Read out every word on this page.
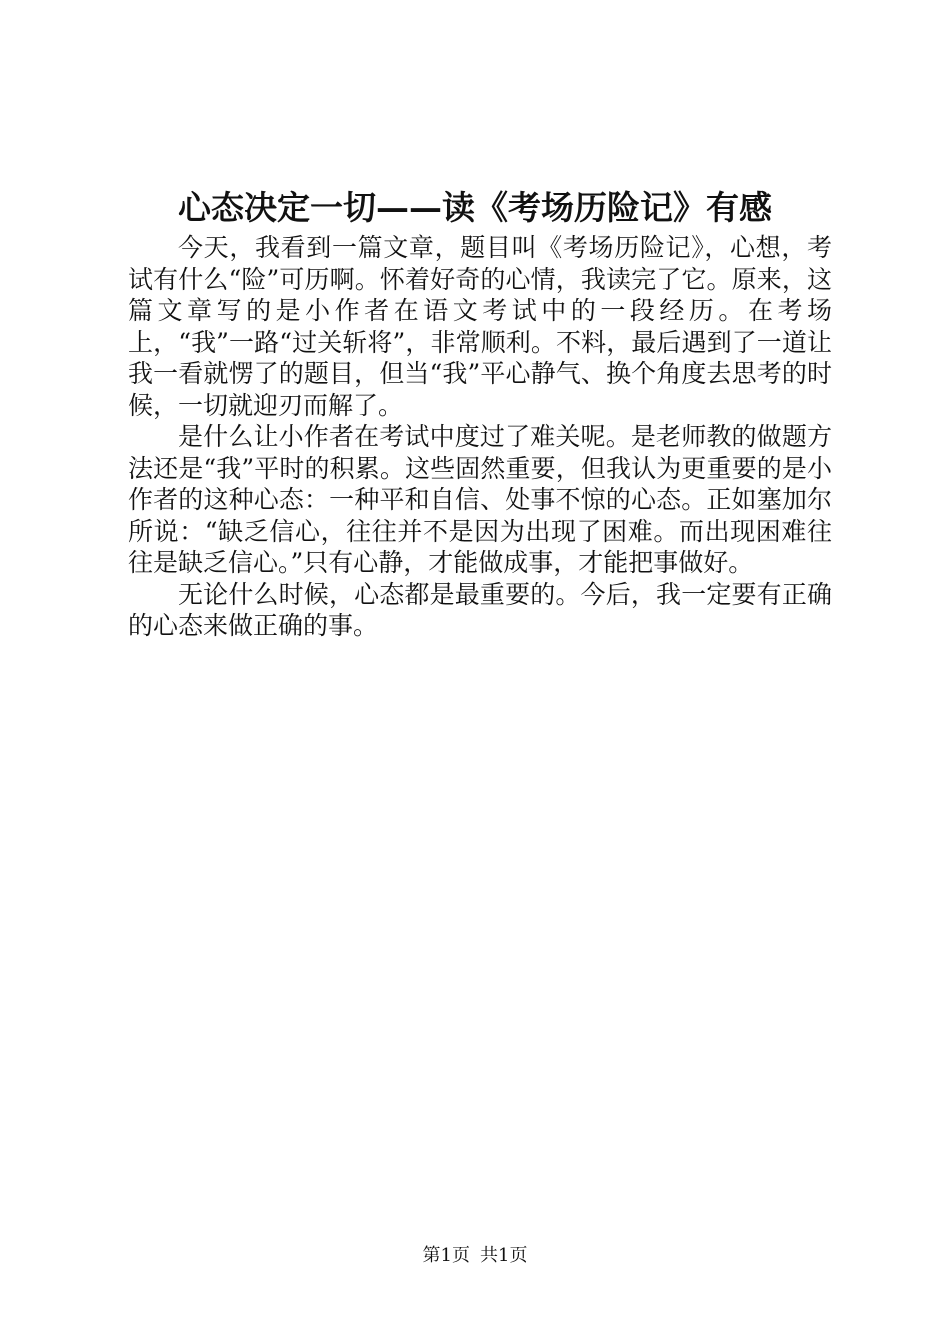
心态决定一切——读《考场历险记》有感

今天，我看到一篇文章，题目叫《考场历险记》，心想，考试有什么“险”可历啊。怀着好奇的心情，我读完了它。原来，这篇文章写的是小作者在语文考试中的一段经历。在考场上，“我”一路“过关斩将”，非常顺利。不料，最后遇到了一道让我一看就愣了的题目，但当“我”平心静气、换个角度去思考的时候，一切就迎刃而解了。

是什么让小作者在考试中度过了难关呢。是老师教的做题方法还是“我”平时的积累。这些固然重要，但我认为更重要的是小作者的这种心态：一种平和自信、处事不惊的心态。正如塞加尔所说：“缺乏信心，往往并不是因为出现了困难。而出现困难往往是缺乏信心。”只有心静，才能做成事，才能把事做好。

无论什么时候，心态都是最重要的。今后，我一定要有正确的心态来做正确的事。

第1页 共1页
